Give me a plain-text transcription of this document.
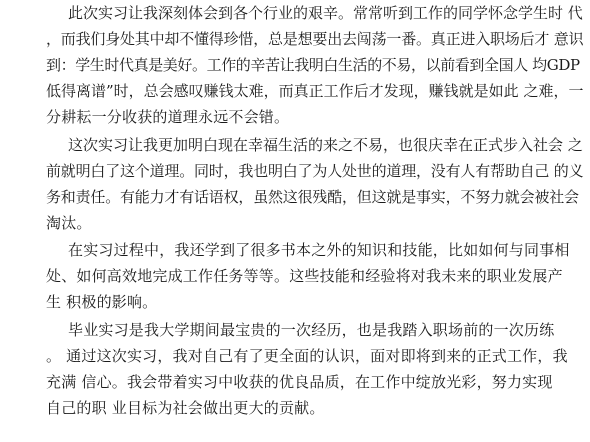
此次实习让我深刻体会到各个行业的艰辛。常常听到工作的同学怀念学生时 代
，而我们身处其中却不懂得珍惜，总是想要出去闯荡一番。真正进入职场后才 意识
到：学生时代真是美好。工作的辛苦让我明白生活的不易，以前看到全国人 均GDP
低得离谱”时，总会感叹赚钱太难，而真正工作后才发现，赚钱就是如此 之难，一
分耕耘一分收获的道理永远不会错。
这次实习让我更加明白现在幸福生活的来之不易，也很庆幸在正式步入社会 之
前就明白了这个道理。同时，我也明白了为人处世的道理，没有人有帮助自己 的义
务和责任。有能力才有话语权，虽然这很残酷，但这就是事实，不努力就会被社会
淘汰。
在实习过程中，我还学到了很多书本之外的知识和技能，比如如何与同事相
处、如何高效地完成工作任务等等。这些技能和经验将对我未来的职业发展产
生 积极的影响。
毕业实习是我大学期间最宝贵的一次经历，也是我踏入职场前的一次历练
。 通过这次实习，我对自己有了更全面的认识，面对即将到来的正式工作，我
充满 信心。我会带着实习中收获的优良品质，在工作中绽放光彩，努力实现
自己的职 业目标为社会做出更大的贡献。
